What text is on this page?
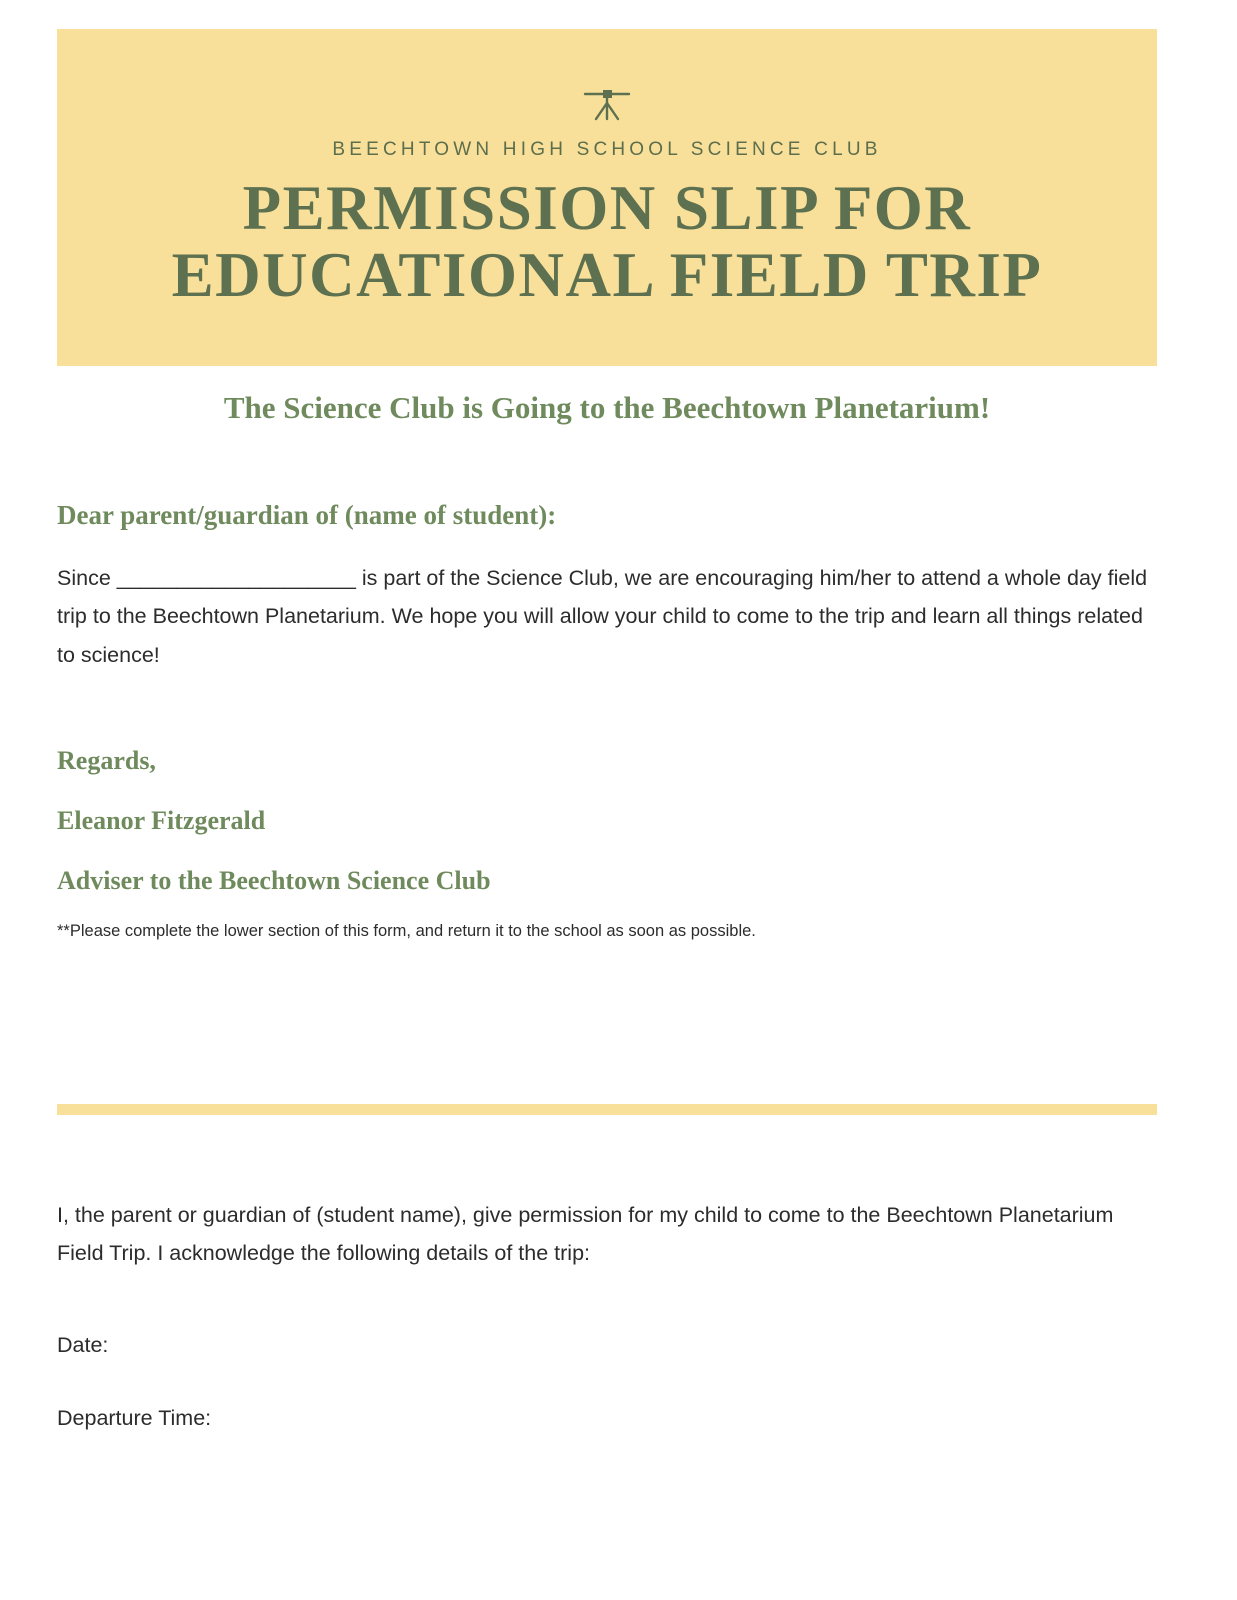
BEECHTOWN HIGH SCHOOL SCIENCE CLUB
PERMISSION SLIP FOR
EDUCATIONAL FIELD TRIP
The Science Club is Going to the Beechtown Planetarium!

Dear parent/guardian of (name of student):

Since ____________________ is part of the Science Club, we are encouraging him/her to attend a whole day field trip to the Beechtown Planetarium. We hope you will allow your child to come to the trip and learn all things related to science!

Regards,

Eleanor Fitzgerald

Adviser to the Beechtown Science Club

**Please complete the lower section of this form, and return it to the school as soon as possible.

I, the parent or guardian of (student name), give permission for my child to come to the Beechtown Planetarium Field Trip. I acknowledge the following details of the trip:

Date:

Departure Time:
